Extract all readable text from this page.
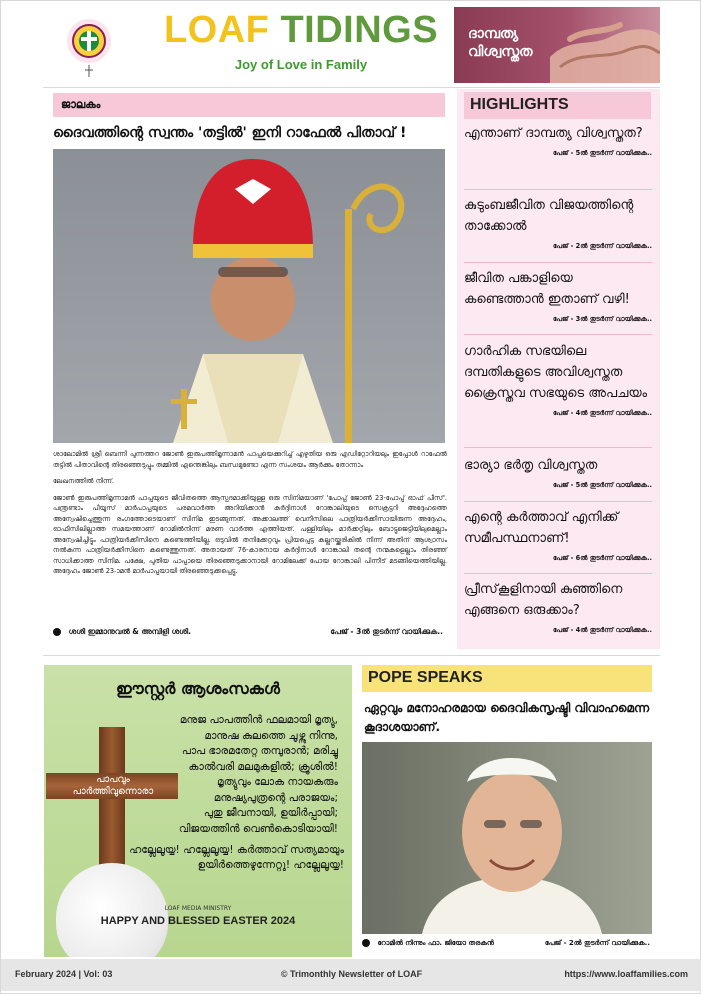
LOAF TIDINGS
Joy of Love in Family
ദാമ്പത്യ
വിശ്വസ്തത
ജാലകം
ദൈവത്തിന്റെ സ്വന്തം 'തട്ടിൽ' ഇനി റാഫേൽ പിതാവ് !

ശാലോമിൽ ശ്രീ ബെന്നി പുന്നത്തറ ജോൺ ഇരുപത്തിമൂന്നാമൻ പാപ്പയെക്കുറിച്ച് എഴുതിയ ഒരു എഡിറ്റോറിയലും ഇപ്പോൾ റാഫേൽ തട്ടിൽ പിതാവിന്റെ തിരഞ്ഞെടുപ്പും തമ്മിൽ എന്തെങ്കിലും ബന്ധമുണ്ടോ എന്ന സംശയം ആർക്കും തോന്നാം

ലേഖനത്തിൽ നിന്ന്.

ജോൺ ഇരുപത്തിമൂന്നാമൻ പാപ്പയുടെ ജീവിതത്തെ ആസ്പദമാക്കിയുള്ള ഒരു സിനിമയാണ് 'പോപ്പ് ജോൺ 23-പോപ്പ് ഓഫ് പീസ്'. പന്ത്രണ്ടാം പീയൂസ് മാർപാപ്പയുടെ പരമവാർത്ത അറിയിക്കാൻ കർദ്ദിനാൾ റോങ്കാലിയുടെ സെക്രട്ടറി അദ്ദേഹത്തെ അന്വേഷിച്ചെത്തുന്ന രംഗത്തോടെയാണ് സിനിമ ഇടങ്ങുന്നത്. അക്കാലത്ത് വെനീസിലെ പാത്രിയർക്കീസായിരുന്ന അദ്ദേഹം, ഓഫീസിലില്ലാത്ത സമയത്താണ് റോമിൽനിന്ന് മരണ വാർത്ത എത്തിയത്. പള്ളിയിലും മാർക്കറ്റിലും ബോട്ടുജെട്ടിയിലുമെല്ലാം അന്വേഷിച്ചിട്ടും പാത്രിയർക്കീസിനെ കണ്ടെത്തിയില്ല. ഒടുവിൽ തനിക്കേറ്റവും പ്രിയപ്പെട്ട കല്ലറയ്ക്കരികിൽ നിന്ന് അതിന് ആശ്വാസം നൽകുന്ന പാത്രിയർക്കീസിനെ കണ്ടെത്തുന്നത്. അതായത് 76-കാരനായ കർദ്ദിനാൾ റോങ്കാലി തന്റെ നന്മകളെല്ലാം തിരഞ്ഞ് സാധിക്കാത്ത സിനിമ. പക്ഷേ, പുതിയ പാപ്പായെ തിരഞ്ഞെടുക്കാനായി റോമിലേക്ക് പോയ റോങ്കാലി പിന്നീട് മടങ്ങിയെത്തിയില്ല. അദ്ദേഹം ജോൺ 23-ാമൻ മാർപാപ്പയായി തിരഞ്ഞെടുക്കപ്പെട്ടു.

ശശി ഇമ്മാനുവൽ & അമ്പിളി ശശി.	പേജ് - 3ൽ തുടർന്ന് വായിക്കുക..
HIGHLIGHTS
എന്താണ് ദാമ്പത്യ വിശ്വസ്തത?
പേജ് - 5ൽ തുടർന്ന് വായിക്കുക..
കുടുംബജീവിത വിജയത്തിന്റെ താക്കോൽ
പേജ് - 2ൽ തുടർന്ന് വായിക്കുക..
ജീവിത പങ്കാളിയെ കണ്ടെത്താൻ ഇതാണ് വഴി!
പേജ് - 3ൽ തുടർന്ന് വായിക്കുക..
ഗാർഹിക സഭയിലെ ദമ്പതികളുടെ അവിശ്വസ്തത ക്രൈസ്തവ സഭയുടെ അപചയം
പേജ് - 4ൽ തുടർന്ന് വായിക്കുക..
ഭാര്യാ ഭർതൃ വിശ്വസ്തത
പേജ് - 5ൽ തുടർന്ന് വായിക്കുക..
എന്റെ കർത്താവ് എനിക്ക് സമീപസ്ഥനാണ്!
പേജ് - 6ൽ തുടർന്ന് വായിക്കുക..
പ്രീസ്‌കൂളിനായി കുഞ്ഞിനെ എങ്ങനെ ഒരുക്കാം?
പേജ് - 4ൽ തുടർന്ന് വായിക്കുക..
ഈസ്റ്റർ ആശംസകൾ
പാപവും
പാർത്തിവുന്നൊരാ
മനുജ പാപത്തിൻ ഫലമായി മൃത്യു,
മാനുഷ കുലത്തെ ചൂഴ്ന്നു നിന്നു,
പാപ ഭാരമതേറ്റ തമ്പുരാൻ; മരിച്ചു
കാൽവരി മലമുകളിൽ; ക്രൂശിൽ!
മൃത്യുവും ലോക നായകരും
മനുഷ്യപുത്രന്റെ പരാജയം;
പുതു ജീവനായി, ഉയിർപ്പായി;
വിജയത്തിൻ വെൺകൊടിയായി!
ഹല്ലേലൂയ്യ! ഹല്ലേലൂയ്യ! കർത്താവ് സത്യമായും
ഉയിർത്തെഴുന്നേറ്റു! ഹല്ലേലൂയ്യ!
LOAF MEDIA MINISTRY
HAPPY AND BLESSED EASTER 2024
POPE SPEAKS
ഏറ്റവും മനോഹരമായ ദൈവികസൃഷ്ടി വിവാഹമെന്ന കൂദാശയാണ്.
റോമിൽ നിന്നും ഫാ. ജിയോ തരകൻ	പേജ് - 2ൽ തുടർന്ന് വായിക്കുക..
February 2024 | Vol: 03	© Trimonthly Newsletter of LOAF	https://www.loaffamilies.com
